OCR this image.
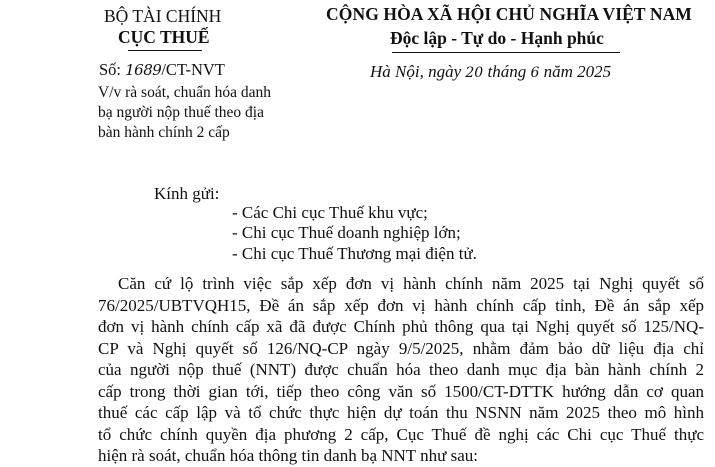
BỘ TÀI CHÍNH
CỤC THUẾ
Số: 1689/CT-NVT
V/v rà soát, chuẩn hóa danh
bạ người nộp thuế theo địa
bàn hành chính 2 cấp
CỘNG HÒA XÃ HỘI CHỦ NGHĨA VIỆT NAM
Độc lập - Tự do - Hạnh phúc
Hà Nội, ngày 20 tháng 6 năm 2025
Kính gửi:
- Các Chi cục Thuế khu vực;
- Chi cục Thuế doanh nghiệp lớn;
- Chi cục Thuế Thương mại điện tử.
Căn cứ lộ trình việc sắp xếp đơn vị hành chính năm 2025 tại Nghị quyết số
76/2025/UBTVQH15, Đề án sắp xếp đơn vị hành chính cấp tỉnh, Đề án sắp xếp
đơn vị hành chính cấp xã đã được Chính phủ thông qua tại Nghị quyết số 125/NQ-
CP và Nghị quyết số 126/NQ-CP ngày 9/5/2025, nhằm đảm bảo dữ liệu địa chỉ
của người nộp thuế (NNT) được chuẩn hóa theo danh mục địa bàn hành chính 2
cấp trong thời gian tới, tiếp theo công văn số 1500/CT-DTTK hướng dẫn cơ quan
thuế các cấp lập và tổ chức thực hiện dự toán thu NSNN năm 2025 theo mô hình
tổ chức chính quyền địa phương 2 cấp, Cục Thuế đề nghị các Chi cục Thuế thực
hiện rà soát, chuẩn hóa thông tin danh bạ NNT như sau:
